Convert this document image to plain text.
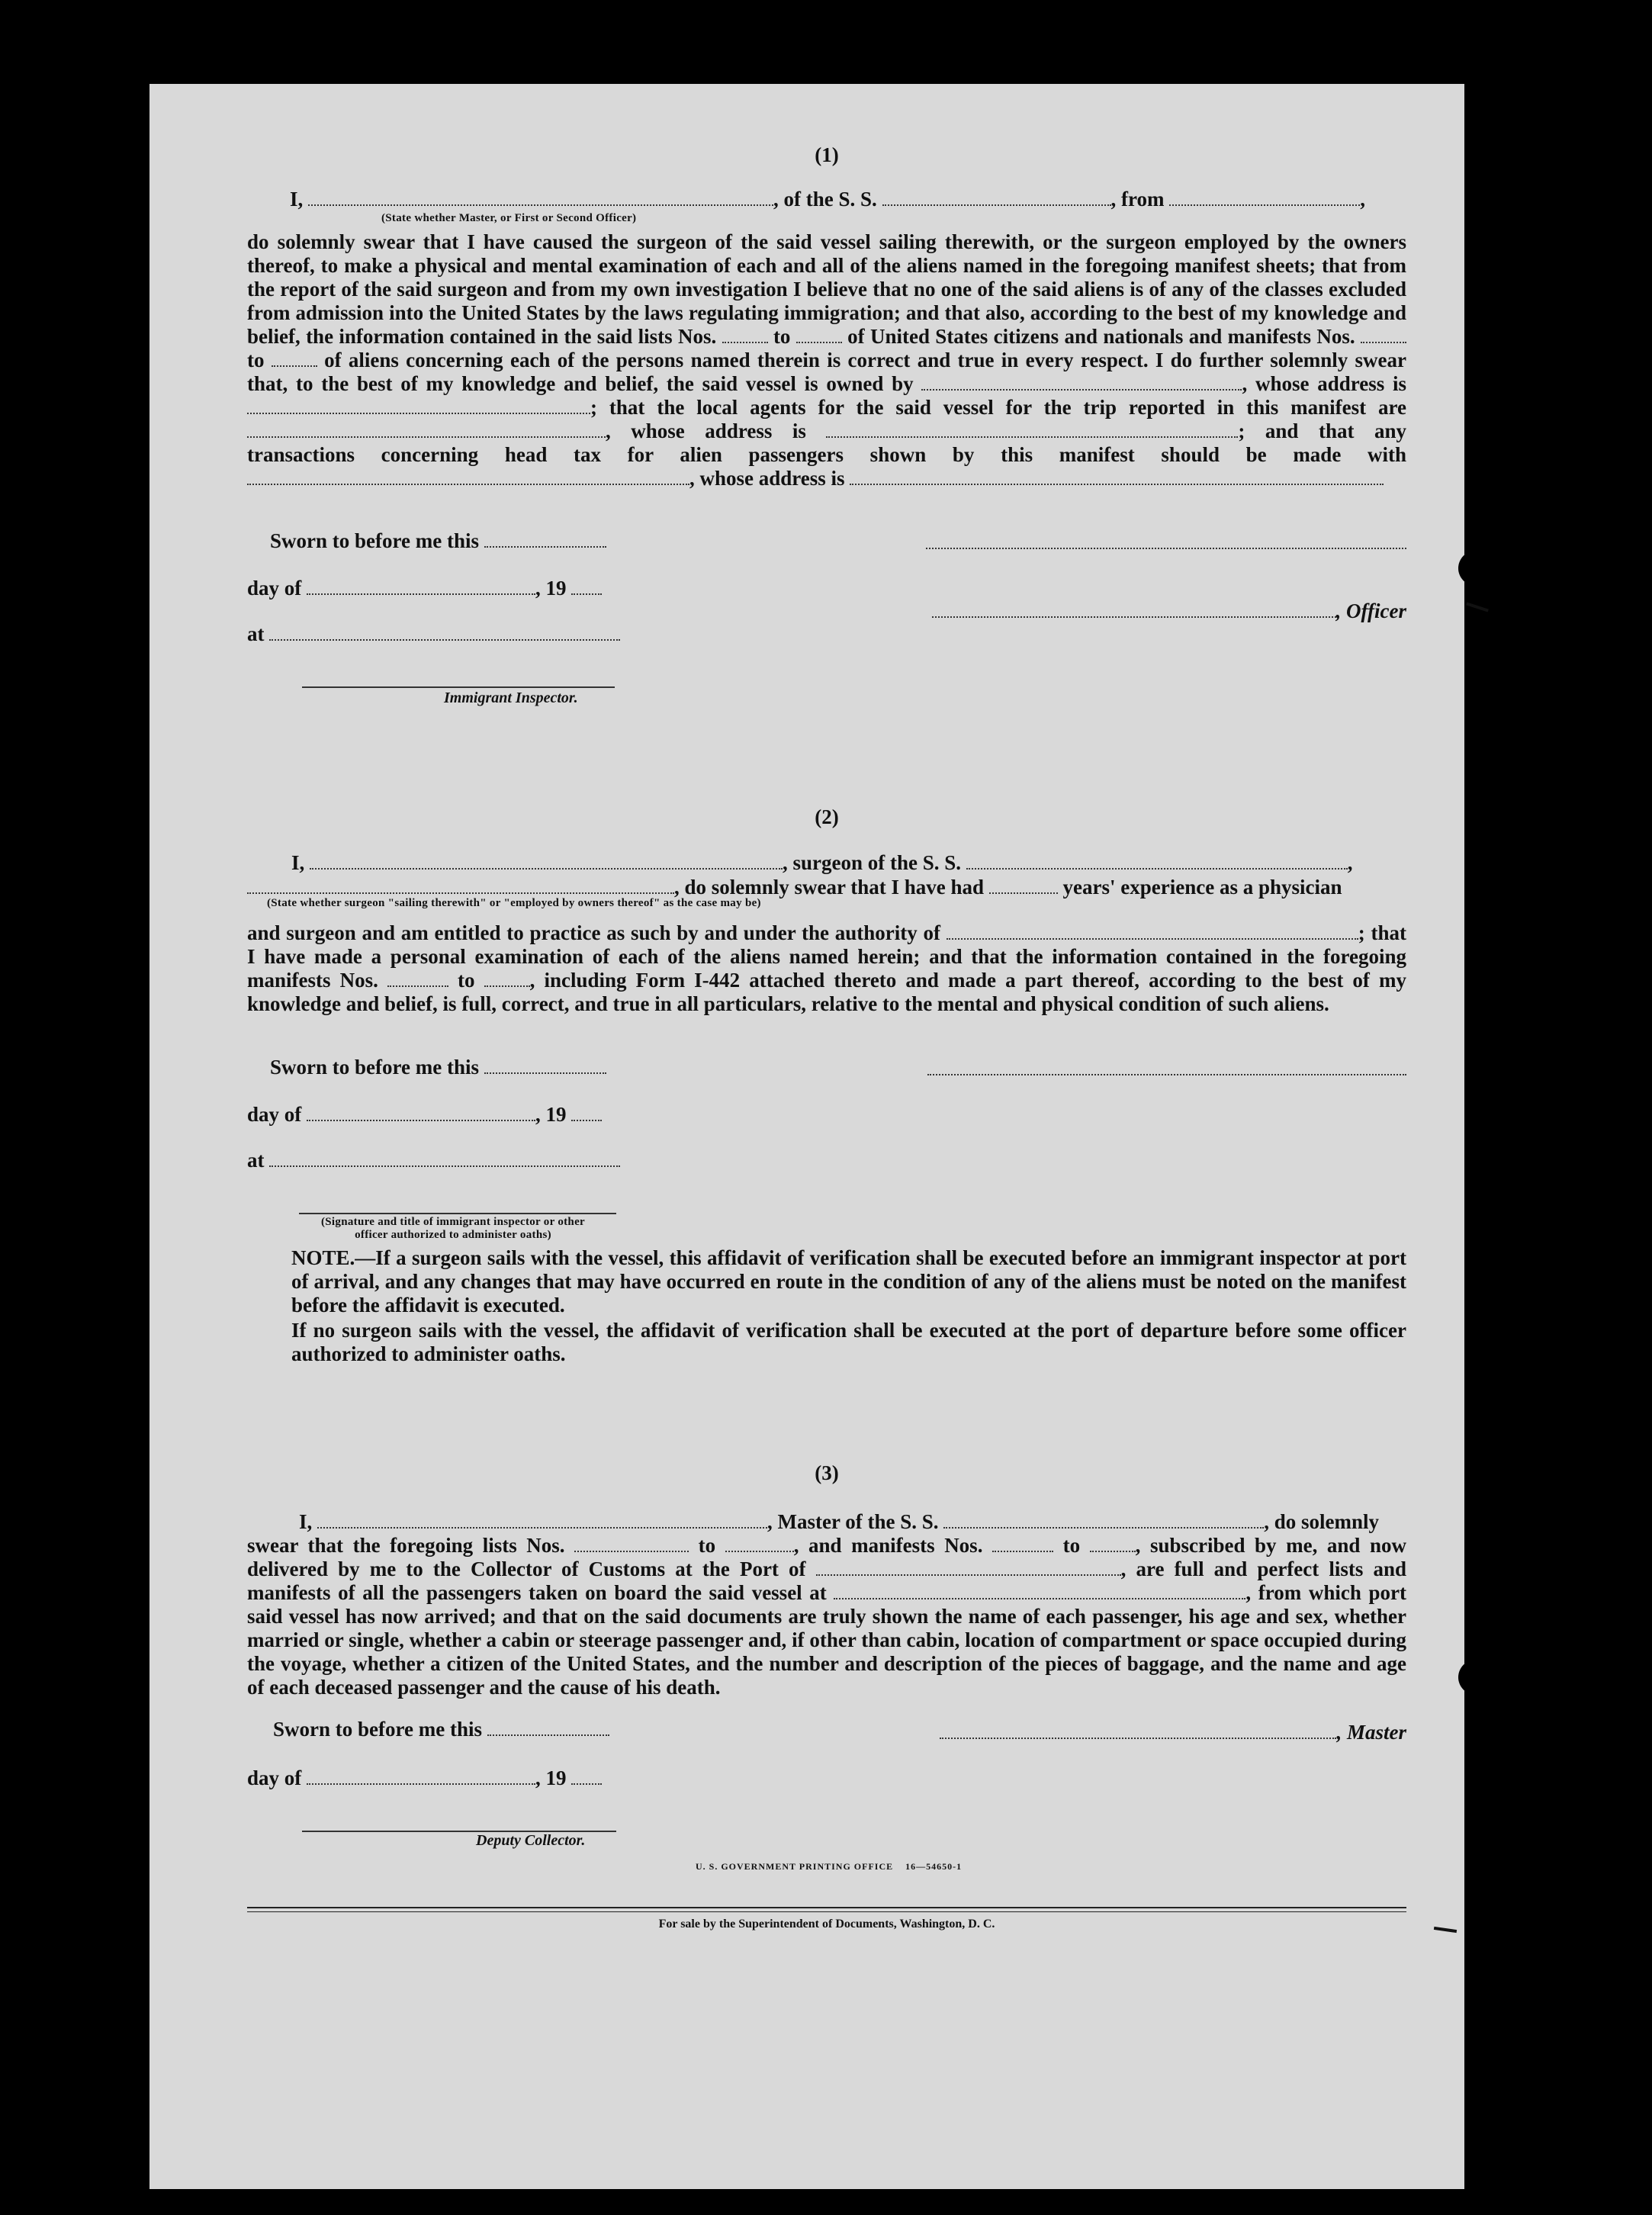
(1)
I,	, of the S. S.	, from	,
(State whether Master, or First or Second Officer)

do solemnly swear that I have caused the surgeon of the said vessel sailing therewith, or the surgeon employed by the owners thereof, to make a physical and mental examination of each and all of the aliens named in the foregoing manifest sheets; that from the report of the said surgeon and from my own investigation I believe that no one of the said aliens is of any of the classes excluded from admission into the United States by the laws regulating immigration; and that also, according to the best of my knowledge and belief, the information contained in the said lists Nos.	to	of United States citizens and nationals and manifests Nos.  to	of aliens concerning each of the persons named therein is correct and true in every respect. I do further solemnly swear that, to the best of my knowledge and belief, the said vessel is owned by	, whose address is ; that the local agents for the said vessel for the trip reported in this manifest are , whose address is	; and that any transactions concerning head tax for alien passengers shown by this manifest should be made with , whose address is

Sworn to before me this
day of	, 19
, Officer
at
Immigrant Inspector.
(2)
I,	, surgeon of the S. S.	,
, do solemnly swear that I have had	years' experience as a physician
(State whether surgeon "sailing therewith" or "employed by owners thereof" as the case may be)

and surgeon and am entitled to practice as such by and under the authority of	; that I have made a personal examination of each of the aliens named herein; and that the information contained in the foregoing manifests Nos.	to	, including Form I-442 attached thereto and made a part thereof, according to the best of my knowledge and belief, is full, correct, and true in all particulars, relative to the mental and physical condition of such aliens.

Sworn to before me this
day of	, 19
at
(Signature and title of immigrant inspector or other officer authorized to administer oaths)

NOTE.—If a surgeon sails with the vessel, this affidavit of verification shall be executed before an immigrant inspector at port of arrival, and any changes that may have occurred en route in the condition of any of the aliens must be noted on the manifest before the affidavit is executed.

If no surgeon sails with the vessel, the affidavit of verification shall be executed at the port of departure before some officer authorized to administer oaths.

(3)
I,	, Master of the S. S.	, do solemnly

swear that the foregoing lists Nos.	to	, and manifests Nos.	to	, subscribed by me, and now delivered by me to the Collector of Customs at the Port of	, are full and perfect lists and manifests of all the passengers taken on board the said vessel at	, from which port said vessel has now arrived; and that on the said documents are truly shown the name of each passenger, his age and sex, whether married or single, whether a cabin or steerage passenger and, if other than cabin, location of compartment or space occupied during the voyage, whether a citizen of the United States, and the number and description of the pieces of baggage, and the name and age of each deceased passenger and the cause of his death.

Sworn to before me this	, Master
day of	, 19
Deputy Collector.
U. S. GOVERNMENT PRINTING OFFICE    16—54650-1
For sale by the Superintendent of Documents, Washington, D. C.
